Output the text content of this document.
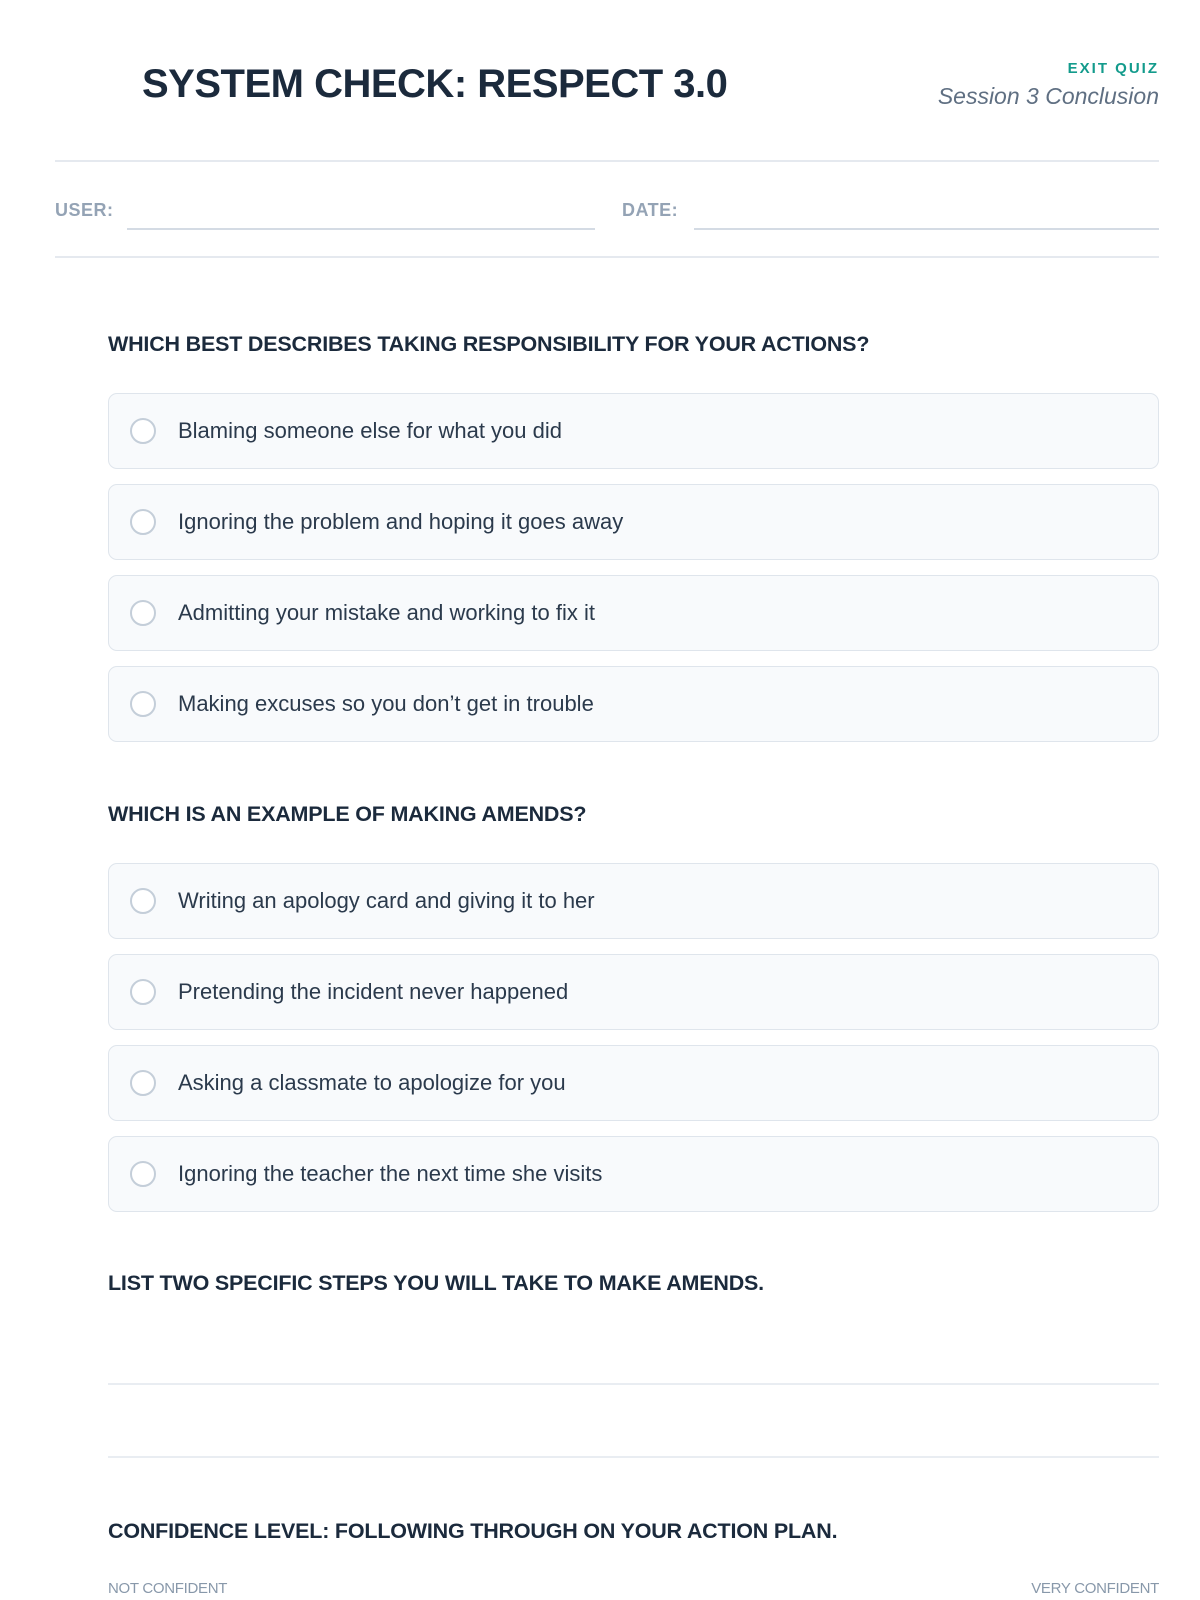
SYSTEM CHECK: RESPECT 3.0	EXIT QUIZ
Session 3 Conclusion
USER:	DATE:
WHICH BEST DESCRIBES TAKING RESPONSIBILITY FOR YOUR ACTIONS?
Blaming someone else for what you did
Ignoring the problem and hoping it goes away
Admitting your mistake and working to fix it
Making excuses so you don’t get in trouble
WHICH IS AN EXAMPLE OF MAKING AMENDS?
Writing an apology card and giving it to her
Pretending the incident never happened
Asking a classmate to apologize for you
Ignoring the teacher the next time she visits
LIST TWO SPECIFIC STEPS YOU WILL TAKE TO MAKE AMENDS.
CONFIDENCE LEVEL: FOLLOWING THROUGH ON YOUR ACTION PLAN.
NOT CONFIDENT	VERY CONFIDENT
